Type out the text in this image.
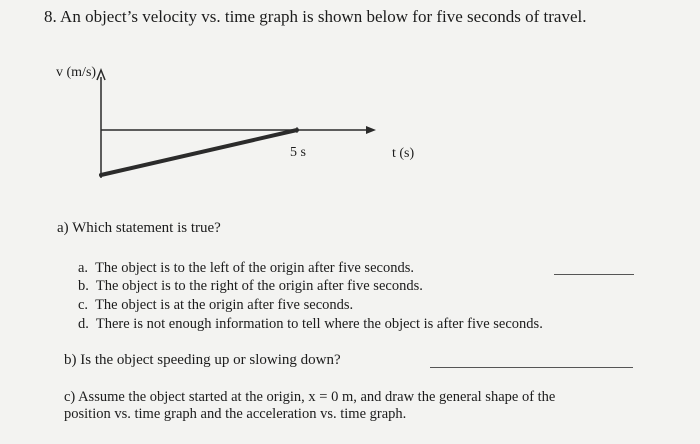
8. An object’s velocity vs. time graph is shown below for five seconds of travel.
v (m/s)
5 s	t (s)
a) Which statement is true?
a. The object is to the left of the origin after five seconds.
b. The object is to the right of the origin after five seconds.
c. The object is at the origin after five seconds.
d. There is not enough information to tell where the object is after five seconds.
b) Is the object speeding up or slowing down?
c) Assume the object started at the origin, x = 0 m, and draw the general shape of the
position vs. time graph and the acceleration vs. time graph.
